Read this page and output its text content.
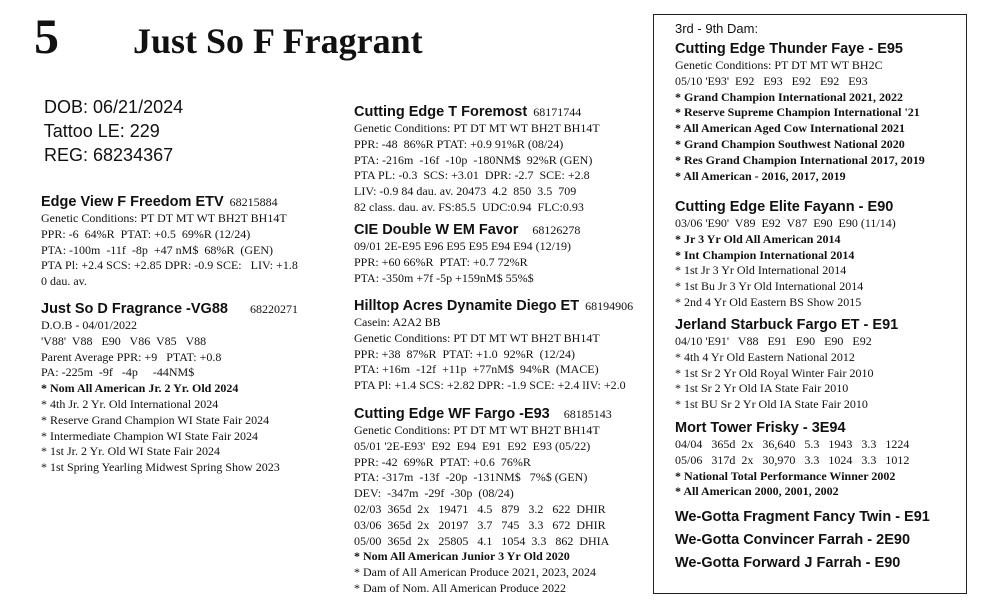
5 Just So F Fragrant

DOB: 06/21/2024
Tattoo LE: 229
REG: 68234367

Edge View F Freedom ETV 68215884
Genetic Conditions: PT DT MT WT BH2T BH14T
PPR: -6  64%R  PTAT: +0.5  69%R (12/24)
PTA: -100m  -11f  -8p  +47 nM$  68%R  (GEN)
PTA Pl: +2.4 SCS: +2.85 DPR: -0.9 SCE:   LIV: +1.8
0 dau. av.
Just So D Fragrance -VG88 68220271
D.O.B - 04/01/2022
'V88'  V88   E90   V86  V85   V88
Parent Average PPR: +9   PTAT: +0.8
PA: -225m  -9f   -4p     -44NM$
* Nom All American Jr. 2 Yr. Old 2024
* 4th Jr. 2 Yr. Old International 2024
* Reserve Grand Champion WI State Fair 2024
* Intermediate Champion WI State Fair 2024
* 1st Jr. 2 Yr. Old WI State Fair 2024
* 1st Spring Yearling Midwest Spring Show 2023
Cutting Edge T Foremost 68171744
Genetic Conditions: PT DT MT WT BH2T BH14T
PPR: -48  86%R PTAT: +0.9 91%R (08/24)
PTA: -216m  -16f  -10p  -180NM$  92%R (GEN)
PTA PL: -0.3  SCS: +3.01  DPR: -2.7  SCE: +2.8
LIV: -0.9 84 dau. av. 20473  4.2  850  3.5  709
82 class. dau. av. FS:85.5  UDC:0.94  FLC:0.93
CIE Double W EM Favor 68126278
09/01 2E-E95 E96 E95 E95 E94 E94 (12/19)
PPR: +60 66%R  PTAT: +0.7 72%R
PTA: -350m +7f -5p +159nM$ 55%$
Hilltop Acres Dynamite Diego ET 68194906
Casein: A2A2 BB
Genetic Conditions: PT DT MT WT BH2T BH14T
PPR: +38  87%R  PTAT: +1.0  92%R  (12/24)
PTA: +16m  -12f  +11p  +77nM$  94%R  (MACE)
PTA Pl: +1.4 SCS: +2.82 DPR: -1.9 SCE: +2.4 lIV: +2.0
Cutting Edge WF Fargo -E93 68185143
Genetic Conditions: PT DT MT WT BH2T BH14T
05/01 '2E-E93'  E92  E94  E91  E92  E93 (05/22)
PPR: -42  69%R  PTAT: +0.6  76%R
PTA: -317m  -13f  -20p  -131NM$   7%$ (GEN)
DEV:  -347m  -29f  -30p  (08/24)
02/03  365d  2x   19471   4.5   879   3.2   622  DHIR
03/06  365d  2x   20197   3.7   745   3.3   672  DHIR
05/00  365d  2x   25805   4.1   1054  3.3   862  DHIA
* Nom All American Junior 3 Yr Old 2020
* Dam of All American Produce 2021, 2023, 2024
* Dam of Nom. All American Produce 2022
3rd - 9th Dam:
Cutting Edge Thunder Faye - E95
Genetic Conditions: PT DT MT WT BH2C
05/10 'E93'  E92   E93   E92   E92   E93
* Grand Champion International 2021, 2022
* Reserve Supreme Champion International '21
* All American Aged Cow International 2021
* Grand Champion Southwest National 2020
* Res Grand Champion International 2017, 2019
* All American - 2016, 2017, 2019
Cutting Edge Elite Fayann - E90
03/06 'E90'  V89  E92  V87  E90  E90 (11/14)
* Jr 3 Yr Old All American 2014
* Int Champion International 2014
* 1st Jr 3 Yr Old International 2014
* 1st Bu Jr 3 Yr Old International 2014
* 2nd 4 Yr Old Eastern BS Show 2015
Jerland Starbuck Fargo ET - E91
04/10 'E91'   V88   E91   E90   E90   E92
* 4th 4 Yr Old Eastern National 2012
* 1st Sr 2 Yr Old Royal Winter Fair 2010
* 1st Sr 2 Yr Old IA State Fair 2010
* 1st BU Sr 2 Yr Old IA State Fair 2010
Mort Tower Frisky - 3E94
04/04   365d  2x   36,640   5.3   1943   3.3   1224
05/06   317d  2x   30,970   3.3   1024   3.3   1012
* National Total Performance Winner 2002
* All American 2000, 2001, 2002
We-Gotta Fragment Fancy Twin - E91
We-Gotta Convincer Farrah - 2E90
We-Gotta Forward J Farrah - E90
